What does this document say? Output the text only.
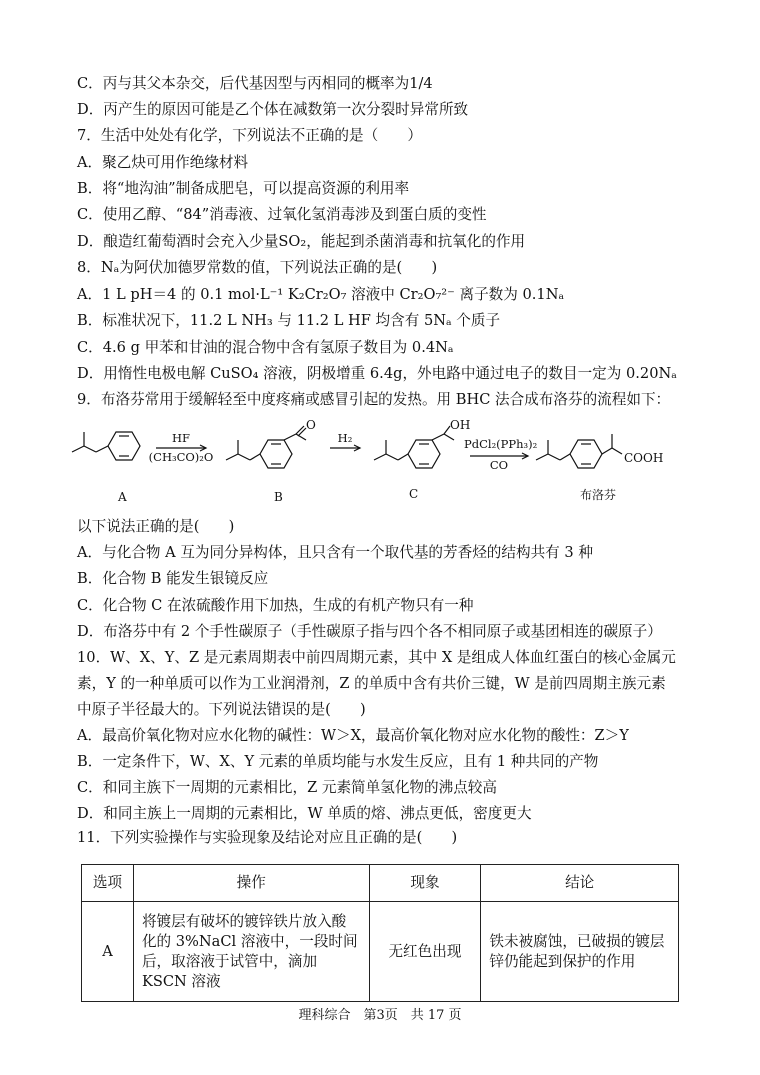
C．丙与其父本杂交，后代基因型与丙相同的概率为1/4
D．丙产生的原因可能是乙个体在减数第一次分裂时异常所致
7．生活中处处有化学，下列说法不正确的是（　　）
A．聚乙炔可用作绝缘材料
B．将“地沟油”制备成肥皂，可以提高资源的利用率
C．使用乙醇、“84”消毒液、过氧化氢消毒涉及到蛋白质的变性
D．酿造红葡萄酒时会充入少量SO₂，能起到杀菌消毒和抗氧化的作用
8．Nₐ为阿伏加德罗常数的值，下列说法正确的是(　　)
A．1 L pH＝4 的 0.1 mol·L⁻¹ K₂Cr₂O₇ 溶液中 Cr₂O₇²⁻ 离子数为 0.1Nₐ
B．标准状况下，11.2 L NH₃ 与 11.2 L HF 均含有 5Nₐ 个质子
C．4.6 g 甲苯和甘油的混合物中含有氢原子数目为 0.4Nₐ
D．用惰性电极电解 CuSO₄ 溶液，阴极增重 6.4g，外电路中通过电子的数目一定为 0.20Nₐ
9．布洛芬常用于缓解轻至中度疼痛或感冒引起的发热。用 BHC 法合成布洛芬的流程如下：
O	OH
COOH
HF
(CH₃CO)₂O
H₂	PdCl₂(PPh₃)₂
CO
A	B	C	布洛芬
以下说法正确的是(　　)
A．与化合物 A 互为同分异构体，且只含有一个取代基的芳香烃的结构共有 3 种
B．化合物 B 能发生银镜反应
C．化合物 C 在浓硫酸作用下加热，生成的有机产物只有一种
D．布洛芬中有 2 个手性碳原子（手性碳原子指与四个各不相同原子或基团相连的碳原子）
10．W、X、Y、Z 是元素周期表中前四周期元素，其中 X 是组成人体血红蛋白的核心金属元
素，Y 的一种单质可以作为工业润滑剂，Z 的单质中含有共价三键，W 是前四周期主族元素
中原子半径最大的。下列说法错误的是(　　)
A．最高价氧化物对应水化物的碱性：W＞X，最高价氧化物对应水化物的酸性：Z＞Y
B．一定条件下，W、X、Y 元素的单质均能与水发生反应，且有 1 种共同的产物
C．和同主族下一周期的元素相比，Z 元素简单氢化物的沸点较高
D．和同主族上一周期的元素相比，W 单质的熔、沸点更低，密度更大
11．下列实验操作与实验现象及结论对应且正确的是(　　)
选项	操作	现象	结论
A	将镀层有破坏的镀锌铁片放入酸化的 3%NaCl 溶液中，一段时间后，取溶液于试管中，滴加 KSCN 溶液	无红色出现	铁未被腐蚀，已破损的镀层锌仍能起到保护的作用
理科综合　第3页　共 17 页
